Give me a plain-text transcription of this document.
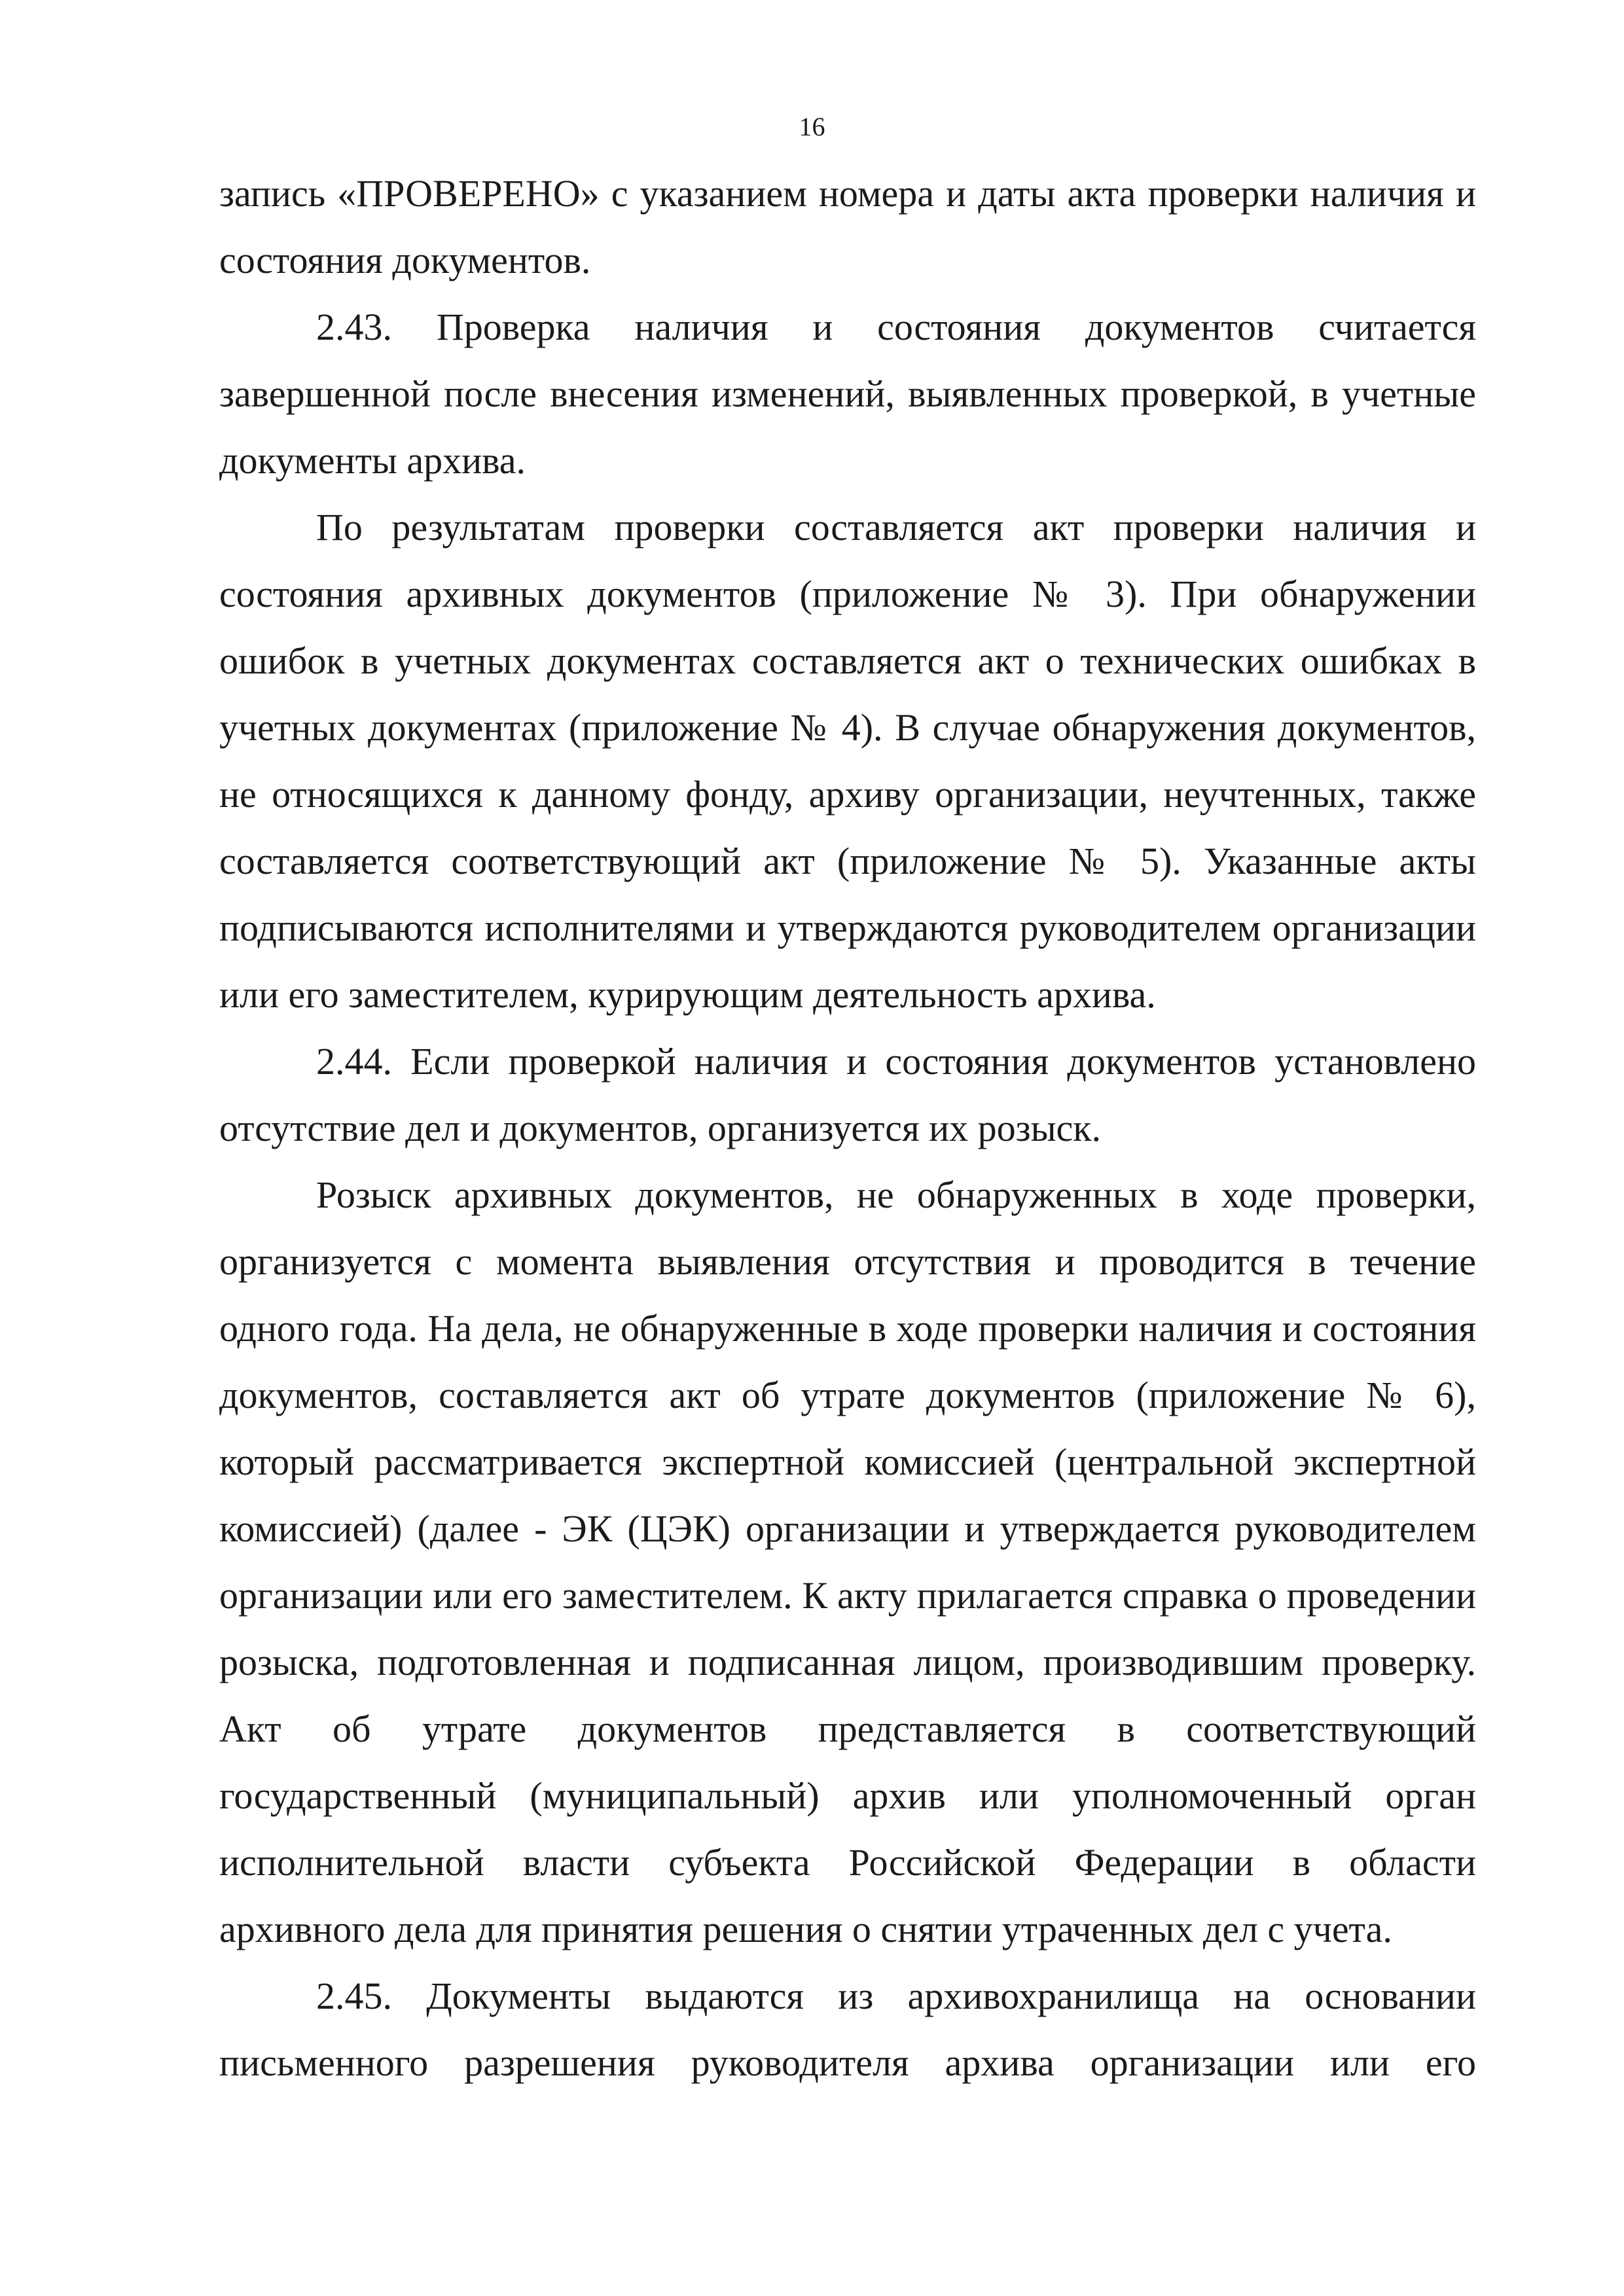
16

запись «ПРОВЕРЕНО» с указанием номера и даты акта проверки наличия и состояния документов.

2.43. Проверка наличия и состояния документов считается завершенной после внесения изменений, выявленных проверкой, в учетные документы архива.

По результатам проверки составляется акт проверки наличия и состояния архивных документов (приложение № 3). При обнаружении ошибок в учетных документах составляется акт о технических ошибках в учетных документах (приложение № 4). В случае обнаружения документов, не относящихся к данному фонду, архиву организации, неучтенных, также составляется соответствующий акт (приложение № 5). Указанные акты подписываются исполнителями и утверждаются руководителем организации или его заместителем, курирующим деятельность архива.

2.44. Если проверкой наличия и состояния документов установлено отсутствие дел и документов, организуется их розыск.

Розыск архивных документов, не обнаруженных в ходе проверки, организуется с момента выявления отсутствия и проводится в течение одного года. На дела, не обнаруженные в ходе проверки наличия и состояния документов, составляется акт об утрате документов (приложение № 6), который рассматривается экспертной комиссией (центральной экспертной комиссией) (далее - ЭК (ЦЭК) организации и утверждается руководителем организации или его заместителем. К акту прилагается справка о проведении розыска, подготовленная и подписанная лицом, производившим проверку. Акт об утрате документов представляется в соответствующий государственный (муниципальный) архив или уполномоченный орган исполнительной власти субъекта Российской Федерации в области архивного дела для принятия решения о снятии утраченных дел с учета.

2.45. Документы выдаются из архивохранилища на основании письменного разрешения руководителя архива организации или его
